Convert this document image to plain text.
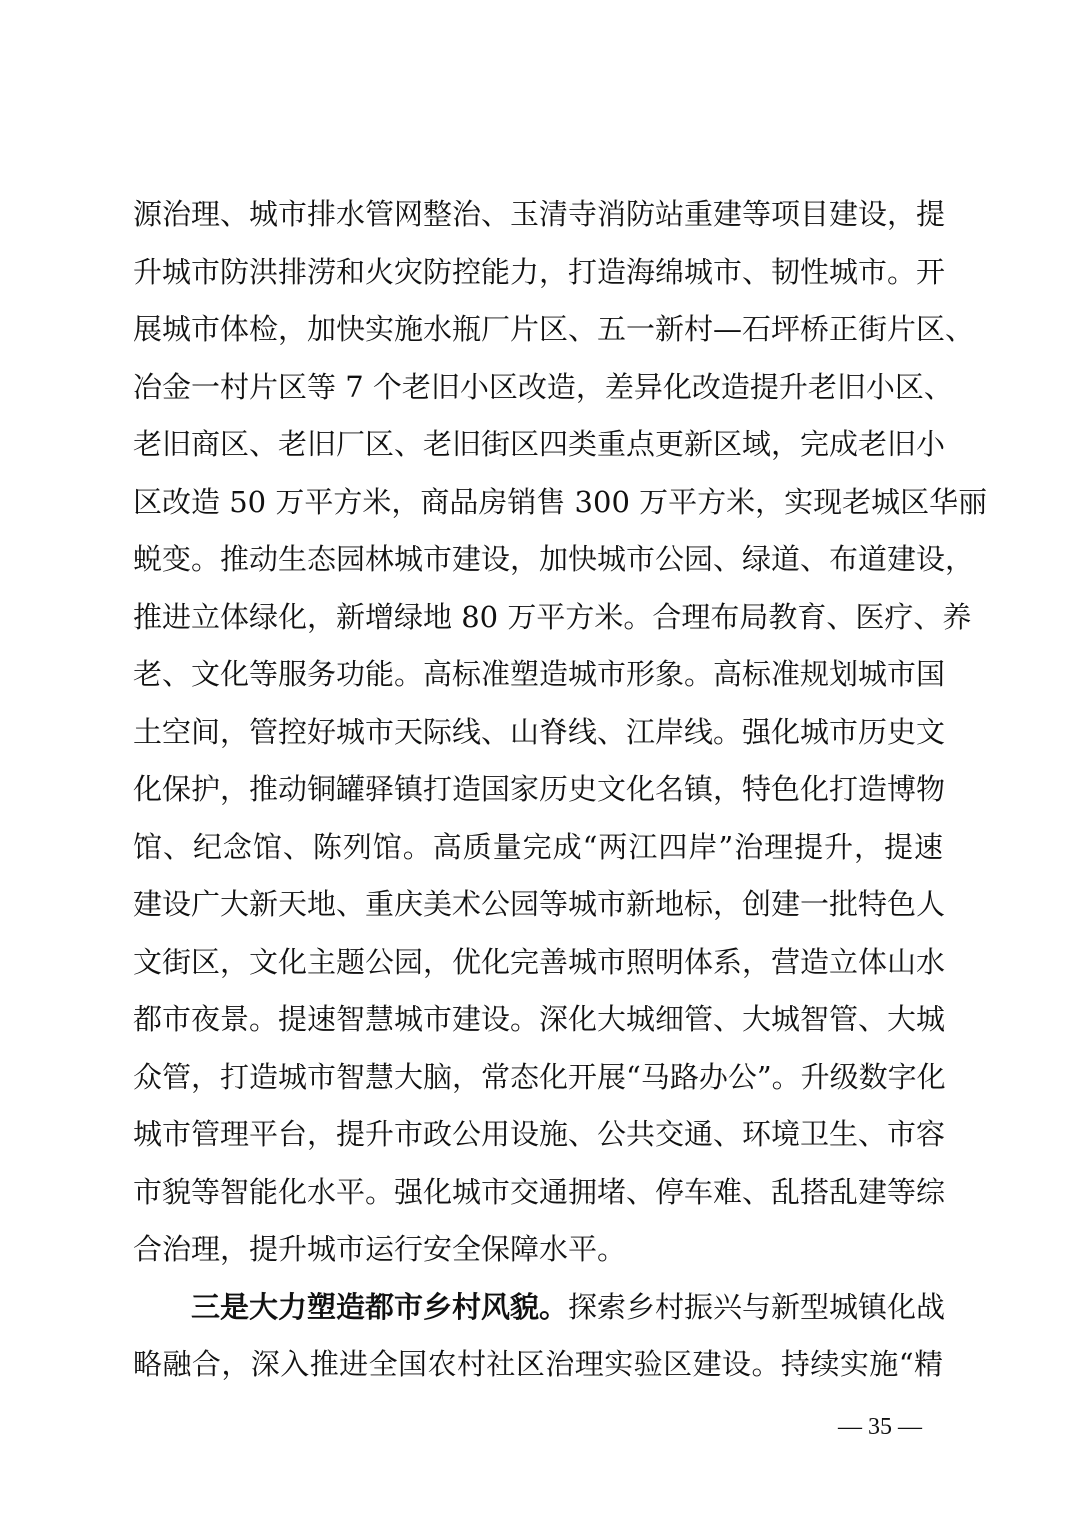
源治理、城市排水管网整治、玉清寺消防站重建等项目建设，提
升城市防洪排涝和火灾防控能力，打造海绵城市、韧性城市。开
展城市体检，加快实施水瓶厂片区、五一新村—石坪桥正街片区、
冶金一村片区等 7 个老旧小区改造，差异化改造提升老旧小区、
老旧商区、老旧厂区、老旧街区四类重点更新区域，完成老旧小
区改造 50 万平方米，商品房销售 300 万平方米，实现老城区华丽
蜕变。推动生态园林城市建设，加快城市公园、绿道、布道建设，
推进立体绿化，新增绿地 80 万平方米。合理布局教育、医疗、养
老、文化等服务功能。高标准塑造城市形象。高标准规划城市国
土空间，管控好城市天际线、山脊线、江岸线。强化城市历史文
化保护，推动铜罐驿镇打造国家历史文化名镇，特色化打造博物
馆、纪念馆、陈列馆。高质量完成“两江四岸”治理提升，提速
建设广大新天地、重庆美术公园等城市新地标，创建一批特色人
文街区，文化主题公园，优化完善城市照明体系，营造立体山水
都市夜景。提速智慧城市建设。深化大城细管、大城智管、大城
众管，打造城市智慧大脑，常态化开展“马路办公”。升级数字化
城市管理平台，提升市政公用设施、公共交通、环境卫生、市容
市貌等智能化水平。强化城市交通拥堵、停车难、乱搭乱建等综
合治理，提升城市运行安全保障水平。
三是大力塑造都市乡村风貌。探索乡村振兴与新型城镇化战
略融合，深入推进全国农村社区治理实验区建设。持续实施“精
— 35 —
